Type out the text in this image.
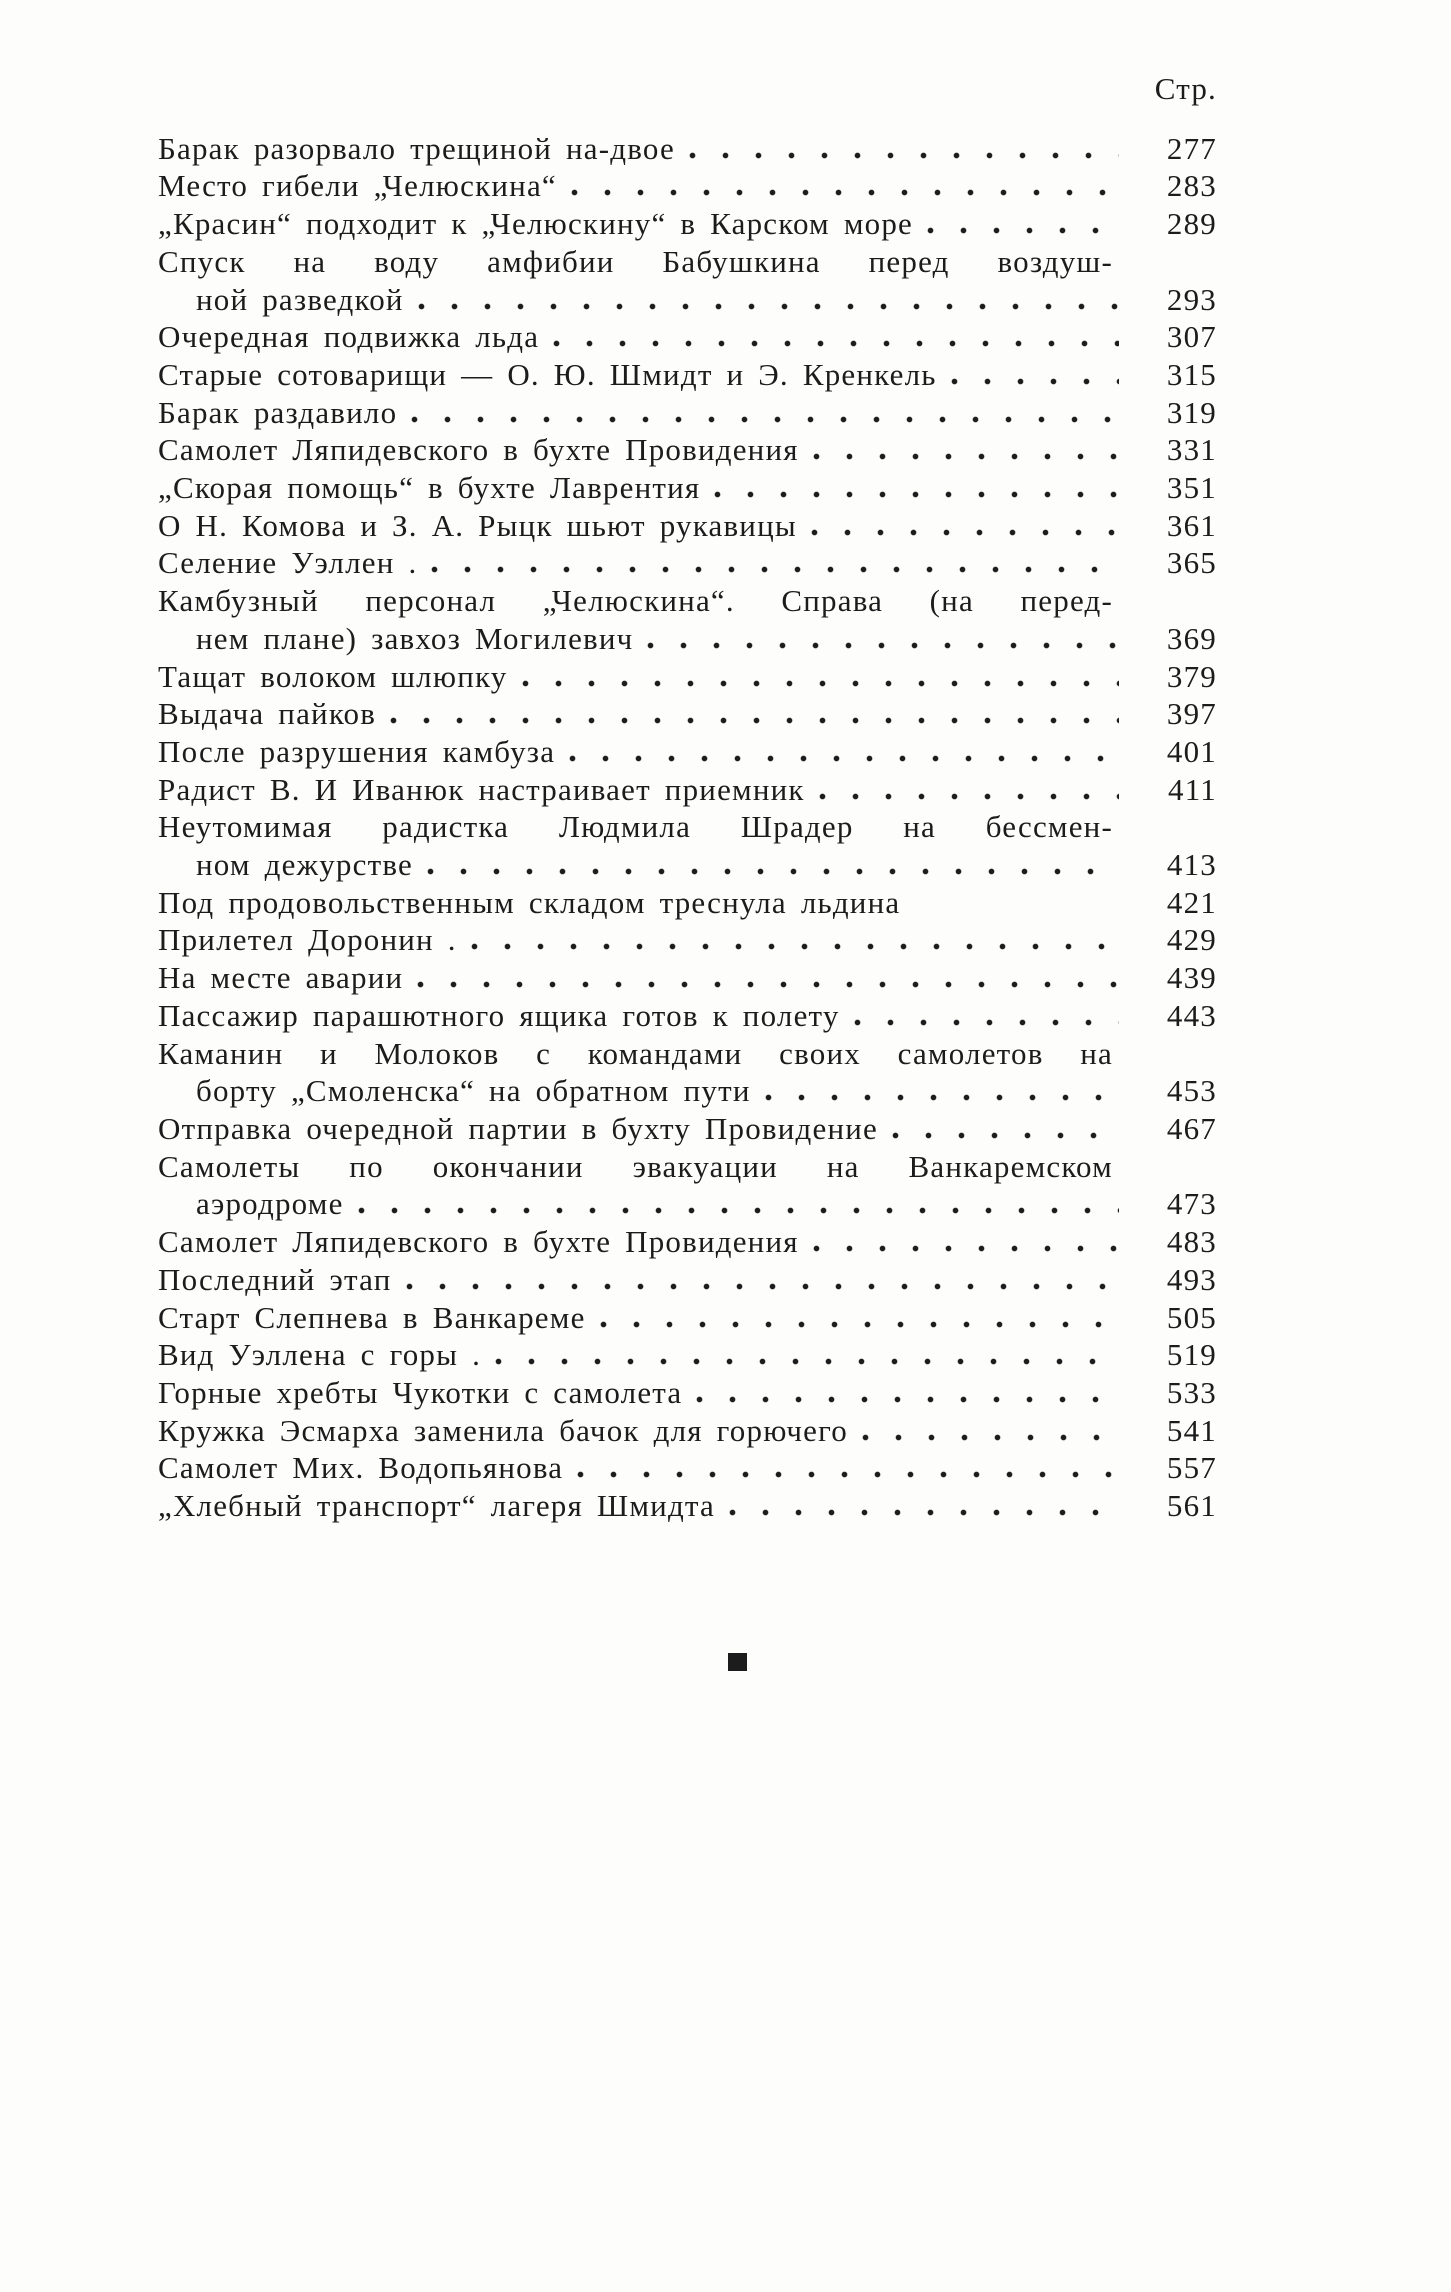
Стр.
Барак разорвало трещиной на-двое	277
Место гибели „Челюскина“	283
„Красин“ подходит к „Челюскину“ в Карском море	289
Спуск на воду амфибии Бабушкина перед воздуш-
ной разведкой	293
Очередная подвижка льда	307
Старые сотоварищи — О. Ю. Шмидт и Э. Кренкель	315
Барак раздавило	319
Самолет Ляпидевского в бухте Провидения	331
„Скорая помощь“ в бухте Лаврентия	351
О Н. Комова и З. А. Рыцк шьют рукавицы	361
Селение Уэллен .	365
Камбузный персонал „Челюскина“. Справа (на перед-
нем плане) завхоз Могилевич	369
Тащат волоком шлюпку	379
Выдача пайков	397
После разрушения камбуза	401
Радист В. И Иванюк настраивает приемник	411
Неутомимая радистка Людмила Шрадер на бессмен-
ном дежурстве	413
Под продовольственным складом треснула льдина	421
Прилетел Доронин .	429
На месте аварии	439
Пассажир парашютного ящика готов к полету	443
Каманин и Молоков с командами своих самолетов на
борту „Смоленска“ на обратном пути	453
Отправка очередной партии в бухту Провидение	467
Самолеты по окончании эвакуации на Ванкаремском
аэродроме	473
Самолет Ляпидевского в бухте Провидения	483
Последний этап	493
Старт Слепнева в Ванкареме	505
Вид Уэллена с горы .	519
Горные хребты Чукотки с самолета	533
Кружка Эсмарха заменила бачок для горючего	541
Самолет Мих. Водопьянова	557
„Хлебный транспорт“ лагеря Шмидта	561
